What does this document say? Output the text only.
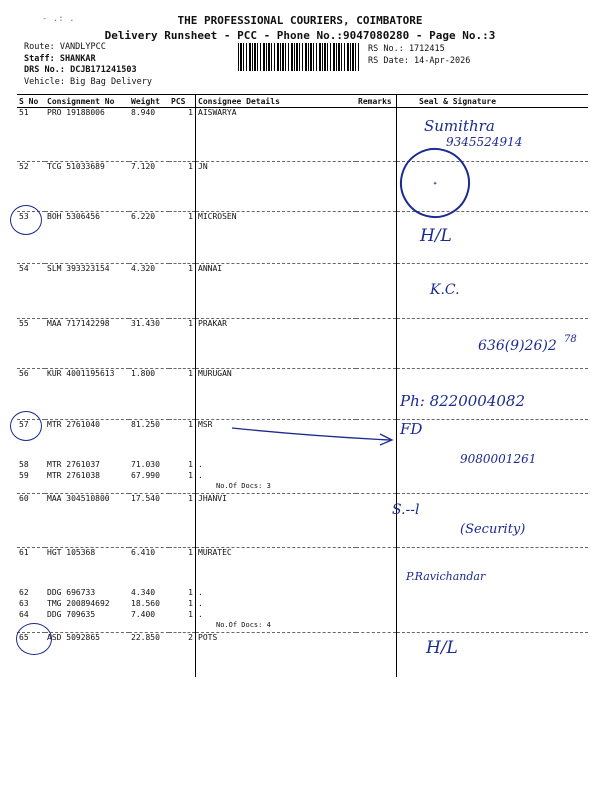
- .: .	THE PROFESSIONAL COURIERS, COIMBATORE
Delivery Runsheet - PCC - Phone No.:9047080280 - Page No.:3
Route: VANDLYPCC
Staff: SHANKAR
DRS No.: DCJB171241503
Vehicle: Big Bag Delivery
RS No.: 1712415
RS Date: 14-Apr-2026
S No	Consignment No	Weight	PCS	Consignee Details	Remarks	Seal & Signature
51	PRO 19188006	8.940	1	AISWARYA		
52	TCG 51033689	7.120	1	JN		
53	BOH 5306456	6.220	1	MICROSEN		
54	SLM 393323154	4.320	1	ANNAI		
55	MAA 717142298	31.430	1	PRAKAR		
56	KUR 4001195613	1.800	1	MURUGAN		
57	MTR 2761040	81.250	1	MSR		
58	MTR 2761037	71.030	1	.		
59	MTR 2761038	67.990	1	.		
				No.Of Docs: 3		
60	MAA 304510800	17.540	1	JHANVI		
61	HGT 105368	6.410	1	MURATEC		
62	DDG 696733	4.340	1	.		
63	TMG 200894692	18.560	1	.		
64	DDG 709635	7.400	1	.		
				No.Of Docs: 4		
65	ASD 5092865	22.850	2	POTS		
★
Sumithra
9345524914
H/L
K.C.
636(9)26)2 78
Ph: 8220004082
FD
9080001261
S.--l
(Security)
P.Ravichandar
H/L
